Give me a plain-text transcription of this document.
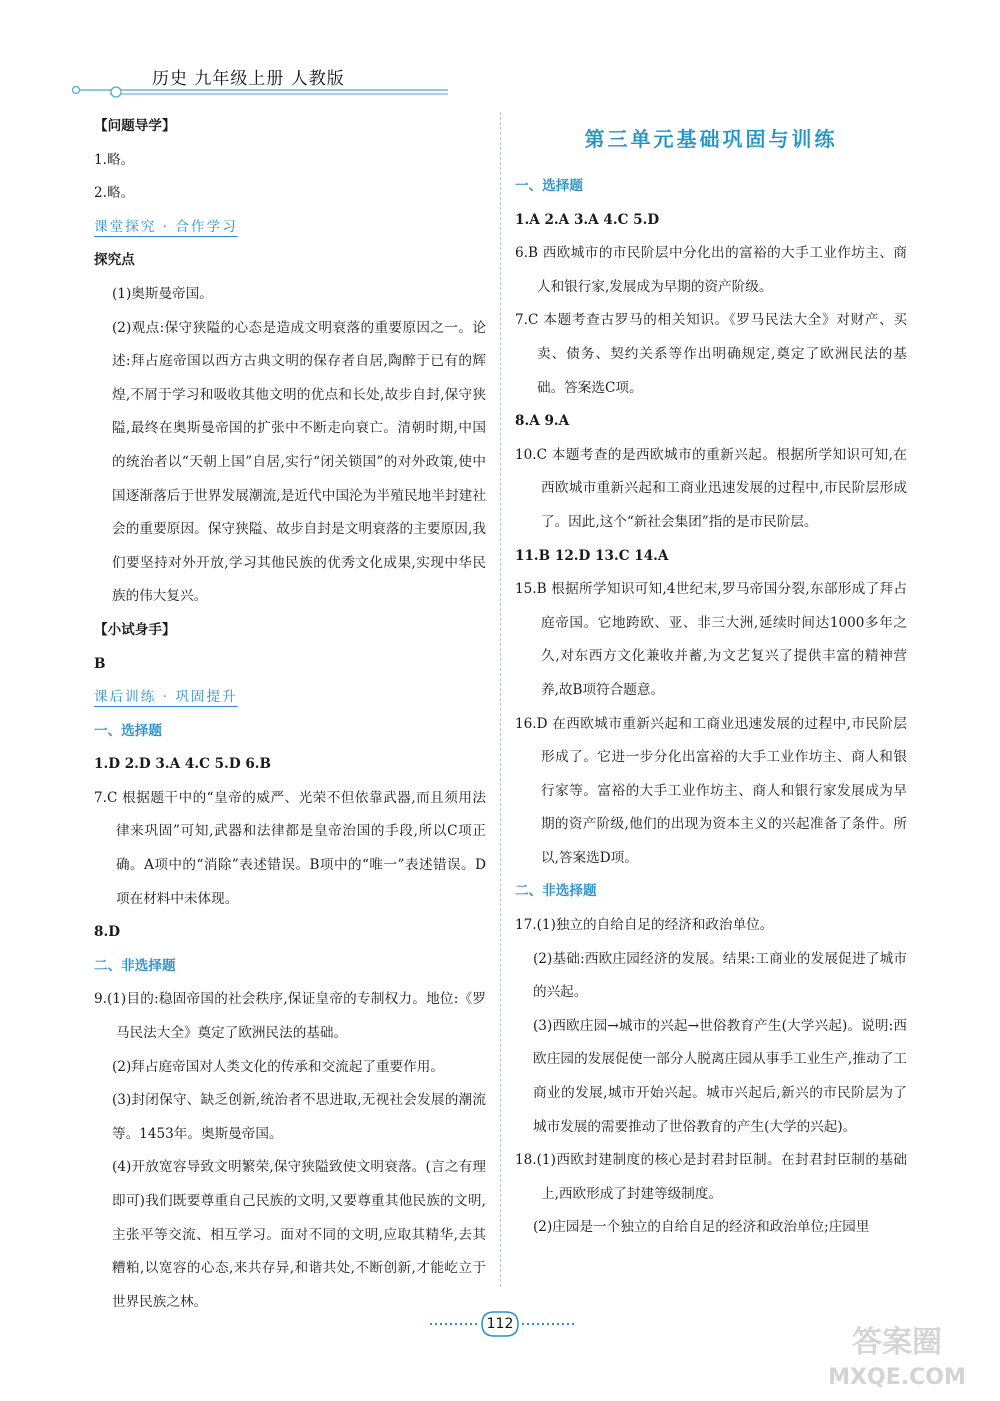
历史 九年级上册 人教版

【问题导学】

1.略。

2.略。

课堂探究 · 合作学习

探究点

(1)奥斯曼帝国。

(2)观点:保守狭隘的心态是造成文明衰落的重要原因之一。论述:拜占庭帝国以西方古典文明的保存者自居,陶醉于已有的辉煌,不屑于学习和吸收其他文明的优点和长处,故步自封,保守狭隘,最终在奥斯曼帝国的扩张中不断走向衰亡。清朝时期,中国的统治者以“天朝上国”自居,实行“闭关锁国”的对外政策,使中国逐渐落后于世界发展潮流,是近代中国沦为半殖民地半封建社会的重要原因。保守狭隘、故步自封是文明衰落的主要原因,我们要坚持对外开放,学习其他民族的优秀文化成果,实现中华民族的伟大复兴。

【小试身手】

B

课后训练 · 巩固提升

一、选择题

1.D 2.D 3.A 4.C 5.D 6.B

7.C 根据题干中的“皇帝的威严、光荣不但依靠武器,而且须用法律来巩固”可知,武器和法律都是皇帝治国的手段,所以C项正确。A项中的“消除”表述错误。B项中的“唯一”表述错误。D项在材料中未体现。

8.D

二、非选择题

9.(1)目的:稳固帝国的社会秩序,保证皇帝的专制权力。地位:《罗马民法大全》奠定了欧洲民法的基础。

(2)拜占庭帝国对人类文化的传承和交流起了重要作用。

(3)封闭保守、缺乏创新,统治者不思进取,无视社会发展的潮流等。1453年。奥斯曼帝国。

(4)开放宽容导致文明繁荣,保守狭隘致使文明衰落。(言之有理即可)我们既要尊重自己民族的文明,又要尊重其他民族的文明,主张平等交流、相互学习。面对不同的文明,应取其精华,去其糟粕,以宽容的心态,来共存异,和谐共处,不断创新,才能屹立于世界民族之林。

第三单元基础巩固与训练

一、选择题

1.A 2.A 3.A 4.C 5.D

6.B 西欧城市的市民阶层中分化出的富裕的大手工业作坊主、商人和银行家,发展成为早期的资产阶级。

7.C 本题考查古罗马的相关知识。《罗马民法大全》对财产、买卖、债务、契约关系等作出明确规定,奠定了欧洲民法的基础。答案选C项。

8.A 9.A

10.C 本题考查的是西欧城市的重新兴起。根据所学知识可知,在西欧城市重新兴起和工商业迅速发展的过程中,市民阶层形成了。因此,这个“新社会集团”指的是市民阶层。

11.B 12.D 13.C 14.A

15.B 根据所学知识可知,4世纪末,罗马帝国分裂,东部形成了拜占庭帝国。它地跨欧、亚、非三大洲,延续时间达1000多年之久,对东西方文化兼收并蓄,为文艺复兴了提供丰富的精神营养,故B项符合题意。

16.D 在西欧城市重新兴起和工商业迅速发展的过程中,市民阶层形成了。它进一步分化出富裕的大手工业作坊主、商人和银行家等。富裕的大手工业作坊主、商人和银行家发展成为早期的资产阶级,他们的出现为资本主义的兴起准备了条件。所以,答案选D项。

二、非选择题

17.(1)独立的自给自足的经济和政治单位。

(2)基础:西欧庄园经济的发展。结果:工商业的发展促进了城市的兴起。

(3)西欧庄园→城市的兴起→世俗教育产生(大学兴起)。说明:西欧庄园的发展促使一部分人脱离庄园从事手工业生产,推动了工商业的发展,城市开始兴起。城市兴起后,新兴的市民阶层为了城市发展的需要推动了世俗教育的产生(大学的兴起)。

18.(1)西欧封建制度的核心是封君封臣制。在封君封臣制的基础上,西欧形成了封建等级制度。

(2)庄园是一个独立的自给自足的经济和政治单位;庄园里

112
答案圈
MXQE.COM
